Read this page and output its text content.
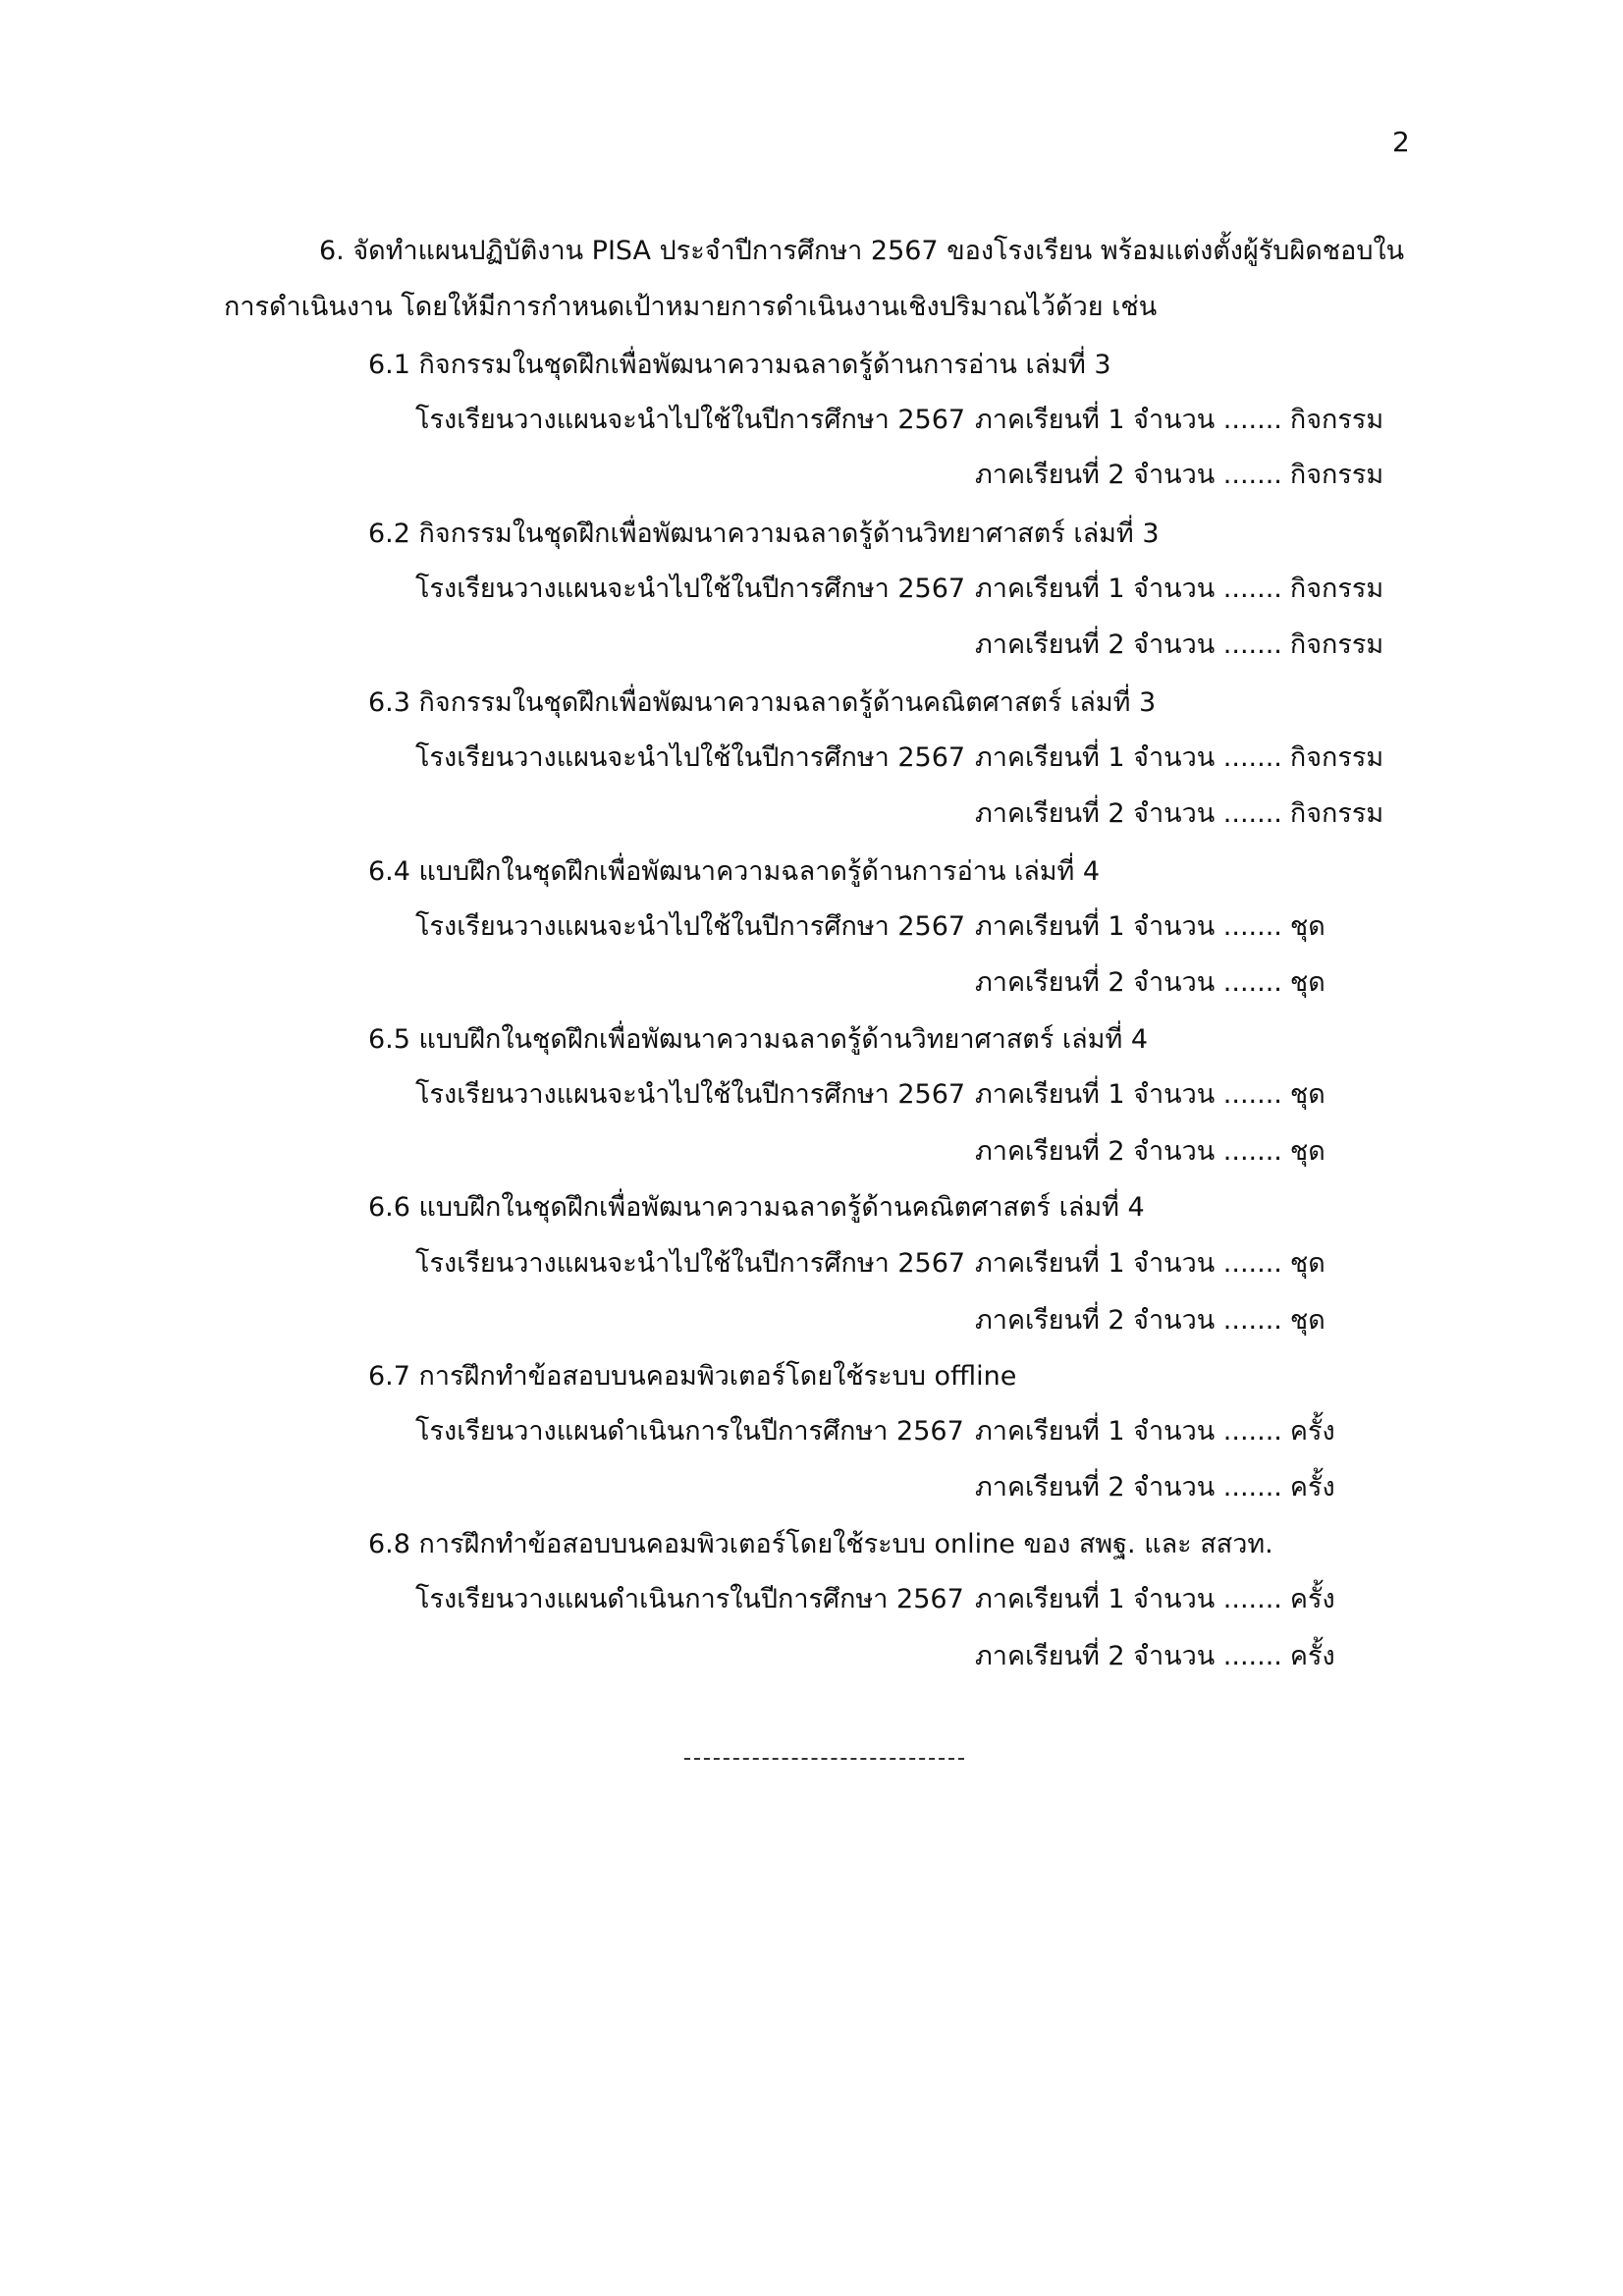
2
6. จัดทำแผนปฏิบัติงาน PISA ประจำปีการศึกษา 2567 ของโรงเรียน พร้อมแต่งตั้งผู้รับผิดชอบใน
การดำเนินงาน โดยให้มีการกำหนดเป้าหมายการดำเนินงานเชิงปริมาณไว้ด้วย เช่น
6.1 กิจกรรมในชุดฝึกเพื่อพัฒนาความฉลาดรู้ด้านการอ่าน เล่มที่ 3
โรงเรียนวางแผนจะนำไปใช้ในปีการศึกษา 2567 ภาคเรียนที่ 1 จำนวน ....... กิจกรรม
ภาคเรียนที่ 2 จำนวน ....... กิจกรรม
6.2 กิจกรรมในชุดฝึกเพื่อพัฒนาความฉลาดรู้ด้านวิทยาศาสตร์ เล่มที่ 3
โรงเรียนวางแผนจะนำไปใช้ในปีการศึกษา 2567 ภาคเรียนที่ 1 จำนวน ....... กิจกรรม
ภาคเรียนที่ 2 จำนวน ....... กิจกรรม
6.3 กิจกรรมในชุดฝึกเพื่อพัฒนาความฉลาดรู้ด้านคณิตศาสตร์ เล่มที่ 3
โรงเรียนวางแผนจะนำไปใช้ในปีการศึกษา 2567 ภาคเรียนที่ 1 จำนวน ....... กิจกรรม
ภาคเรียนที่ 2 จำนวน ....... กิจกรรม
6.4 แบบฝึกในชุดฝึกเพื่อพัฒนาความฉลาดรู้ด้านการอ่าน เล่มที่ 4
โรงเรียนวางแผนจะนำไปใช้ในปีการศึกษา 2567 ภาคเรียนที่ 1 จำนวน ....... ชุด
ภาคเรียนที่ 2 จำนวน ....... ชุด
6.5 แบบฝึกในชุดฝึกเพื่อพัฒนาความฉลาดรู้ด้านวิทยาศาสตร์ เล่มที่ 4
โรงเรียนวางแผนจะนำไปใช้ในปีการศึกษา 2567 ภาคเรียนที่ 1 จำนวน ....... ชุด
ภาคเรียนที่ 2 จำนวน ....... ชุด
6.6 แบบฝึกในชุดฝึกเพื่อพัฒนาความฉลาดรู้ด้านคณิตศาสตร์ เล่มที่ 4
โรงเรียนวางแผนจะนำไปใช้ในปีการศึกษา 2567 ภาคเรียนที่ 1 จำนวน ....... ชุด
ภาคเรียนที่ 2 จำนวน ....... ชุด
6.7 การฝึกทำข้อสอบบนคอมพิวเตอร์โดยใช้ระบบ offline
โรงเรียนวางแผนดำเนินการในปีการศึกษา 2567 ภาคเรียนที่ 1 จำนวน ....... ครั้ง
ภาคเรียนที่ 2 จำนวน ....... ครั้ง
6.8 การฝึกทำข้อสอบบนคอมพิวเตอร์โดยใช้ระบบ online ของ สพฐ. และ สสวท.
โรงเรียนวางแผนดำเนินการในปีการศึกษา 2567 ภาคเรียนที่ 1 จำนวน ....... ครั้ง
ภาคเรียนที่ 2 จำนวน ....... ครั้ง
